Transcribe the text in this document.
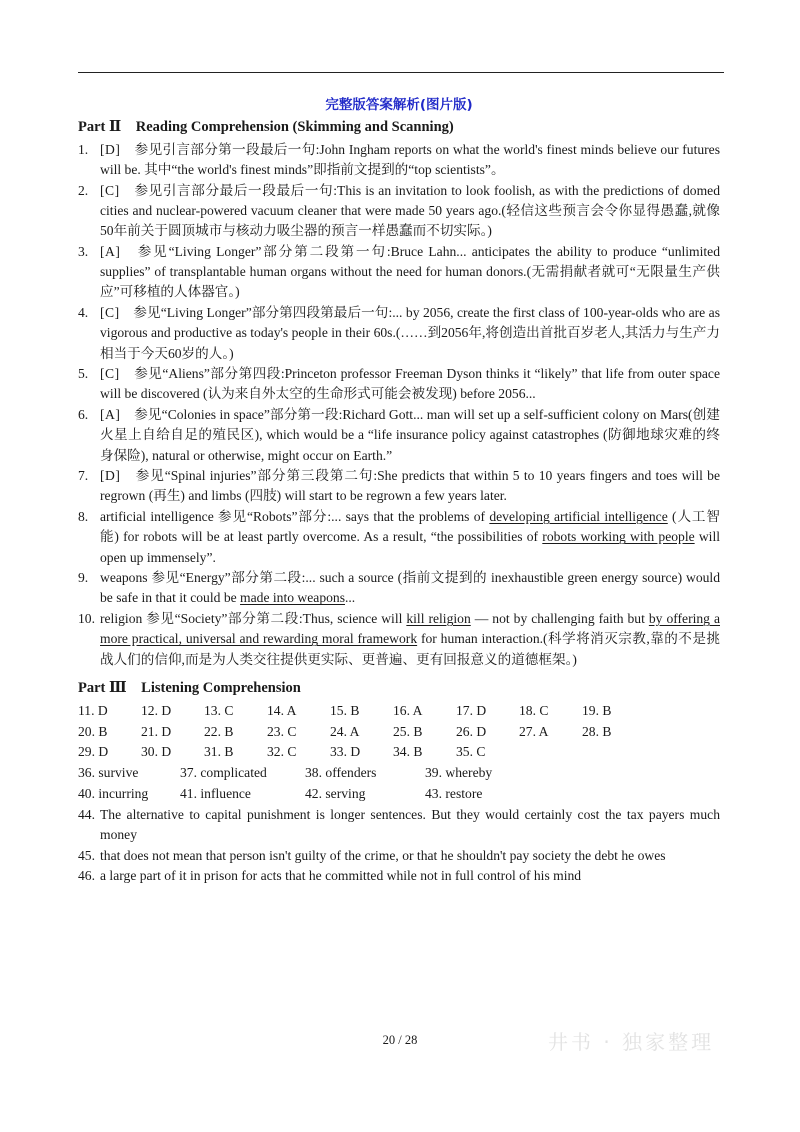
完整版答案解析(图片版)
Part Ⅱ　Reading Comprehension (Skimming and Scanning)
1. [D]　 参见引言部分第一段最后一句:John Ingham reports on what the world's finest minds believe our futures will be. 其中“the world's finest minds”即指前文提到的“top scientists”。
2. [C]　 参见引言部分最后一段最后一句:This is an invitation to look foolish, as with the predictions of domed cities and nuclear-powered vacuum cleaner that were made 50 years ago.(轻信这些预言会令你显得愚蠢,就像50年前关于圆顶城市与核动力吸尘器的预言一样愚蠢而不切实际。)
3. [A]　 参见“Living Longer”部分第二段第一句:Bruce Lahn... anticipates the ability to produce “unlimited supplies” of transplantable human organs without the need for human donors.(无需捐献者就可“无限量生产供应”可移植的人体器官。)
4. [C]　 参见“Living Longer”部分第四段第最后一句:... by 2056, create the first class of 100-year-olds who are as vigorous and productive as today's people in their 60s.(……到2056年,将创造出首批百岁老人,其活力与生产力相当于今天60岁的人。)
5. [C]　 参见“Aliens”部分第四段:Princeton professor Freeman Dyson thinks it “likely” that life from outer space will be discovered (认为来自外太空的生命形式可能会被发现) before 2056...
6. [A]　 参见“Colonies in space”部分第一段:Richard Gott... man will set up a self-sufficient colony on Mars(创建火星上自给自足的殖民区), which would be a “life insurance policy against catastrophes (防御地球灾难的终身保险), natural or otherwise, might occur on Earth.”
7. [D]　 参见“Spinal injuries”部分第三段第二句:She predicts that within 5 to 10 years fingers and toes will be regrown (再生) and limbs (四肢) will start to be regrown a few years later.
8. artificial intelligence 参见“Robots”部分:... says that the problems of developing artificial intelligence (人工智能) for robots will be at least partly overcome. As a result, “the possibilities of robots working with people will open up immensely”.
9. weapons 参见“Energy”部分第二段:... such a source (指前文提到的 inexhaustible green energy source) would be safe in that it could be made into weapons...
10. religion 参见“Society”部分第二段:Thus, science will kill religion — not by challenging faith but by offering a more practical, universal and rewarding moral framework for human interaction.(科学将消灭宗教,靠的不是挑战人们的信仰,而是为人类交往提供更实际、更普遍、更有回报意义的道德框架。)
Part Ⅲ　Listening Comprehension
11. D	12. D	13. C	14. A	15. B	16. A	17. D	18. C	19. B
20. B	21. D	22. B	23. C	24. A	25. B	26. D	27. A	28. B
29. D	30. D	31. B	32. C	33. D	34. B	35. C
36. survive	37. complicated	38. offenders	39. whereby
40. incurring	41. influence	42. serving	43. restore
44. The alternative to capital punishment is longer sentences. But they would certainly cost the tax payers much money
45. that does not mean that person isn't guilty of the crime, or that he shouldn't pay society the debt he owes
46. a large part of it in prison for acts that he committed while not in full control of his mind
20 / 28	井书 · 独家整理
